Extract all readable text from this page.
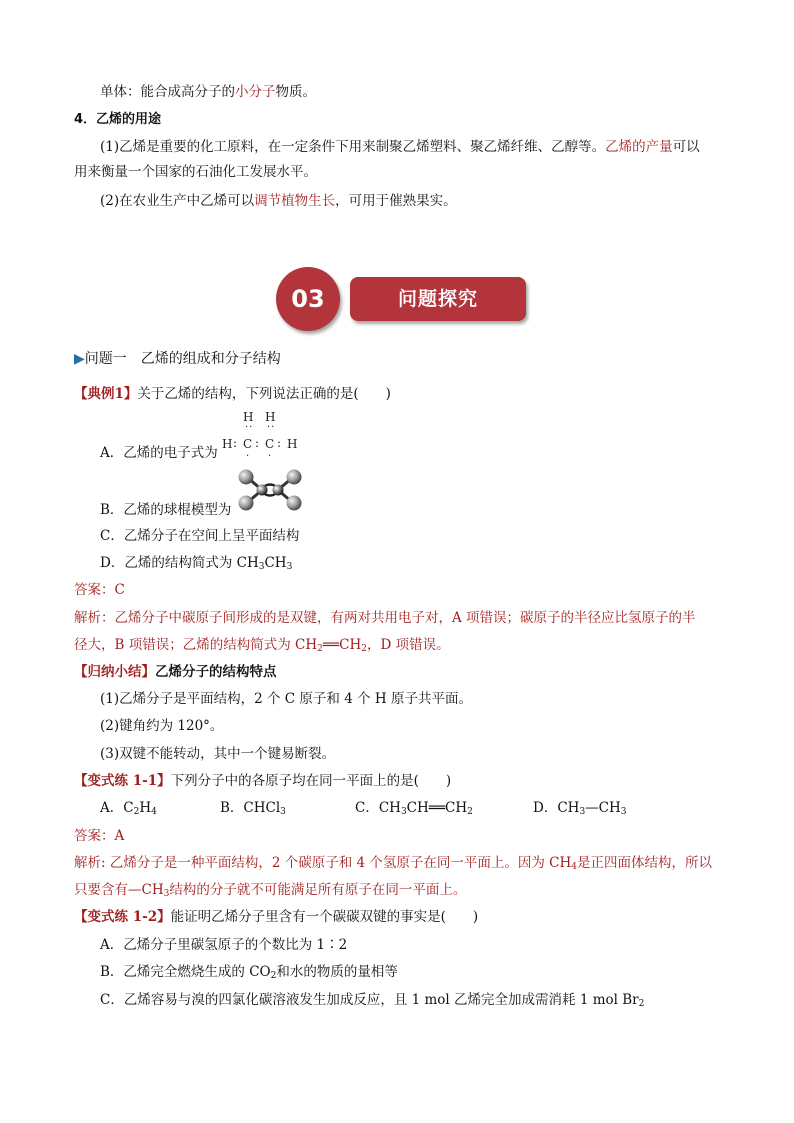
单体：能合成高分子的小分子物质。
4．乙烯的用途
(1)乙烯是重要的化工原料，在一定条件下用来制聚乙烯塑料、聚乙烯纤维、乙醇等。乙烯的产量可以
用来衡量一个国家的石油化工发展水平。
(2)在农业生产中乙烯可以调节植物生长，可用于催熟果实。
03	问题探究
▶问题一　乙烯的组成和分子结构
【典例1】关于乙烯的结构，下列说法正确的是(　　)
H H
·· ··
H : C : C : H
· ·
A．乙烯的电子式为
B．乙烯的球棍模型为
C．乙烯分子在空间上呈平面结构
D．乙烯的结构简式为 $CH_3CH_3$
答案：C
解析：乙烯分子中碳原子间形成的是双键，有两对共用电子对，A 项错误；碳原子的半径应比氢原子的半
径大，B 项错误；乙烯的结构简式为 $CH_2══CH_2$，D 项错误。
【归纳小结】乙烯分子的结构特点
(1)乙烯分子是平面结构，2 个 C 原子和 4 个 H 原子共平面。
(2)键角约为 120°。
(3)双键不能转动，其中一个键易断裂。
【变式练 1-1】下列分子中的各原子均在同一平面上的是(　　)
A．$C_2H_4$	B．CHCl$_3$	C．$CH_3CH══CH_2$	D．$CH_3—CH_3$
答案：A
解析: 乙烯分子是一种平面结构，2 个碳原子和 4 个氢原子在同一平面上。因为 $CH_4$是正四面体结构，所以
只要含有$—CH_3$结构的分子就不可能满足所有原子在同一平面上。
【变式练 1-2】能证明乙烯分子里含有一个碳碳双键的事实是(　　)
A．乙烯分子里碳氢原子的个数比为 1∶2
B．乙烯完全燃烧生成的 $CO_2$和水的物质的量相等
C．乙烯容易与溴的四氯化碳溶液发生加成反应，且 1 mol 乙烯完全加成需消耗 1 mol $Br_2$
